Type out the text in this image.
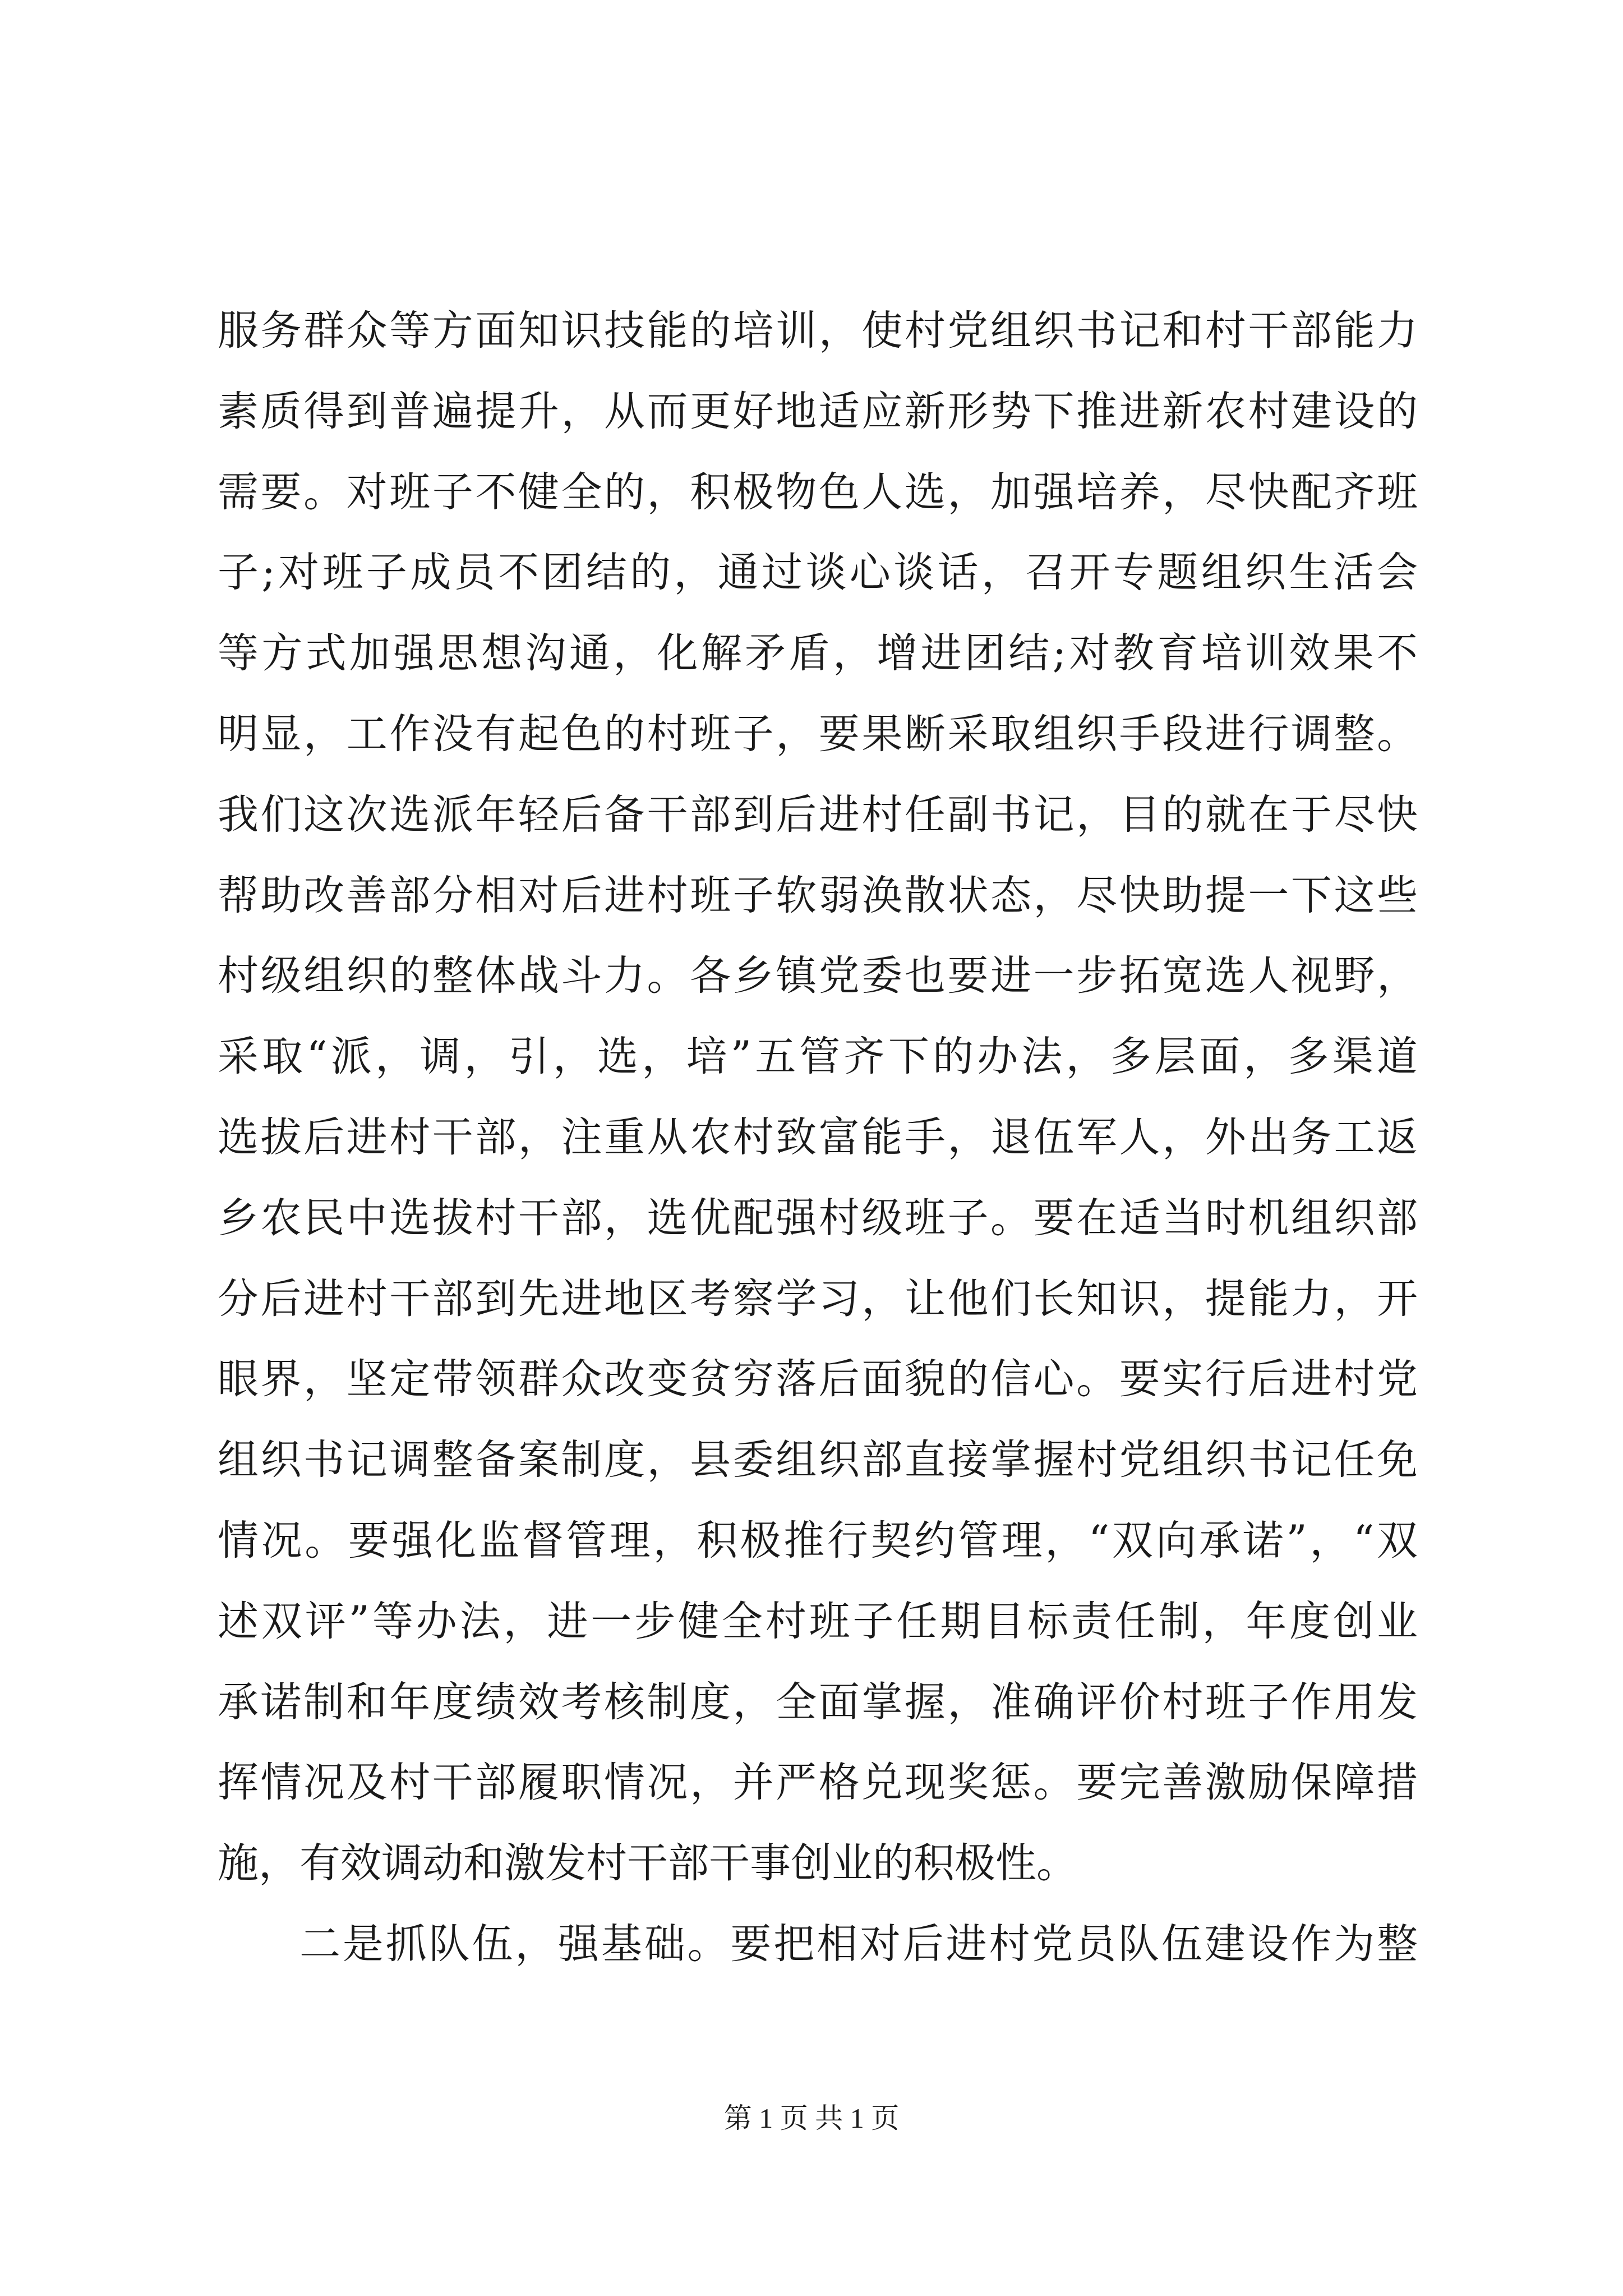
服务群众等方面知识技能的培训，使村党组织书记和村干部能力
素质得到普遍提升，从而更好地适应新形势下推进新农村建设的
需要。对班子不健全的，积极物色人选，加强培养，尽快配齐班
子;对班子成员不团结的，通过谈心谈话，召开专题组织生活会
等方式加强思想沟通，化解矛盾，增进团结;对教育培训效果不
明显，工作没有起色的村班子，要果断采取组织手段进行调整。
我们这次选派年轻后备干部到后进村任副书记，目的就在于尽快
帮助改善部分相对后进村班子软弱涣散状态，尽快助提一下这些
村级组织的整体战斗力。各乡镇党委也要进一步拓宽选人视野，
采取“派，调，引，选，培”五管齐下的办法，多层面，多渠道
选拔后进村干部，注重从农村致富能手，退伍军人，外出务工返
乡农民中选拔村干部，选优配强村级班子。要在适当时机组织部
分后进村干部到先进地区考察学习，让他们长知识，提能力，开
眼界，坚定带领群众改变贫穷落后面貌的信心。要实行后进村党
组织书记调整备案制度，县委组织部直接掌握村党组织书记任免
情况。要强化监督管理，积极推行契约管理，“双向承诺”，“双
述双评”等办法，进一步健全村班子任期目标责任制，年度创业
承诺制和年度绩效考核制度，全面掌握，准确评价村班子作用发
挥情况及村干部履职情况，并严格兑现奖惩。要完善激励保障措
施，有效调动和激发村干部干事创业的积极性。
二是抓队伍，强基础。要把相对后进村党员队伍建设作为整
第 1 页 共 1 页
